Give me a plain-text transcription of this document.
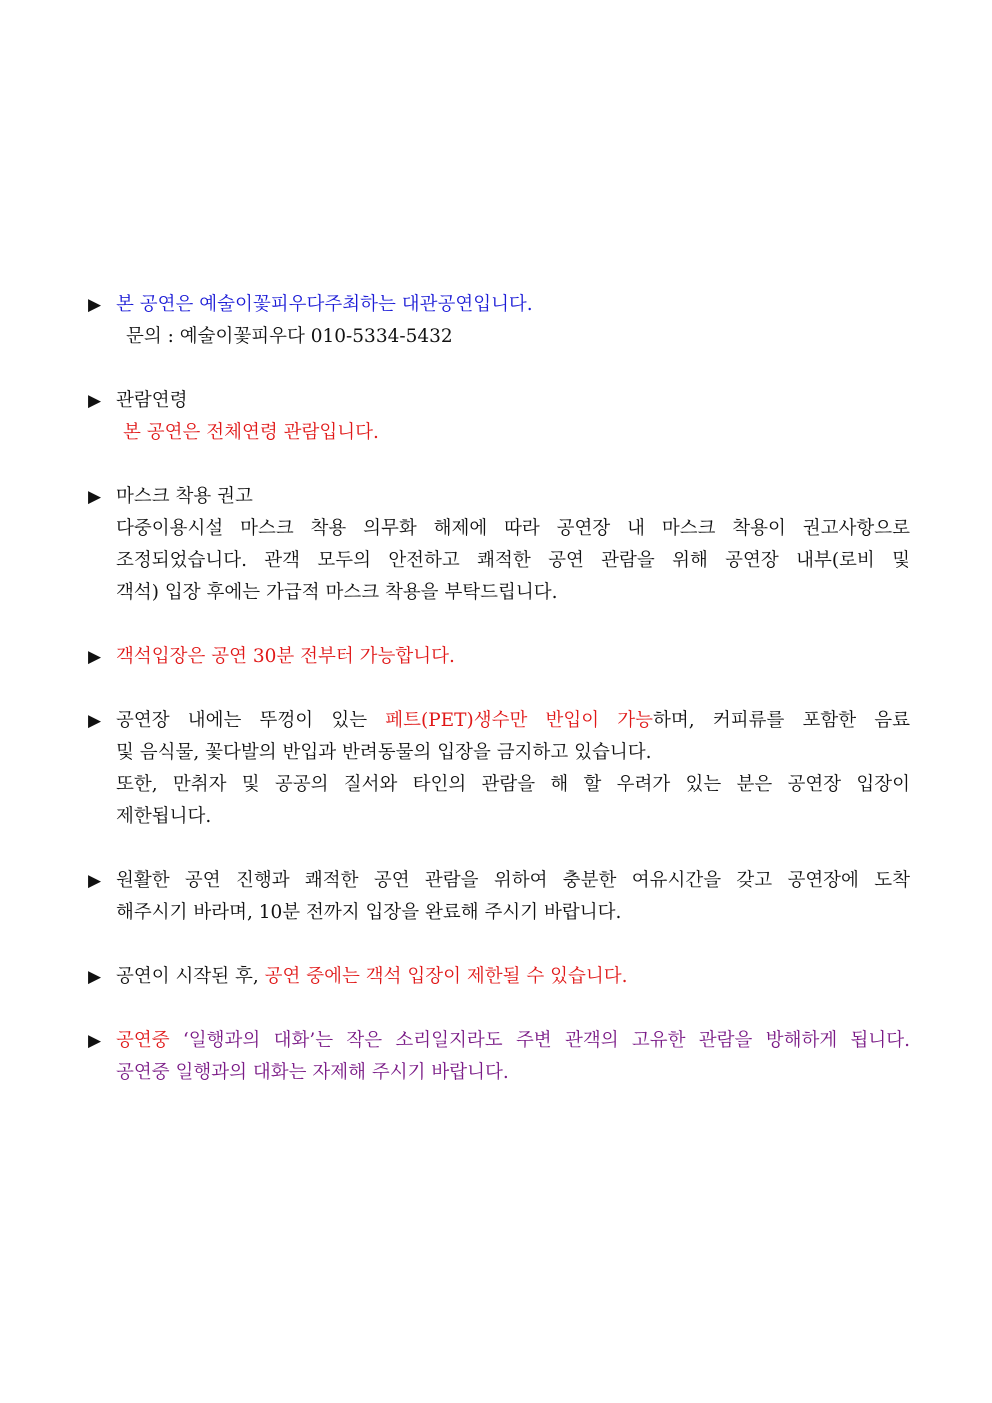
▶ 본 공연은 예술이꽃피우다주최하는 대관공연입니다.
문의 : 예술이꽃피우다 010-5334-5432
▶ 관람연령
본 공연은 전체연령 관람입니다.
▶ 마스크 착용 권고
다중이용시설 마스크 착용 의무화 해제에 따라 공연장 내 마스크 착용이 권고사항으로
조정되었습니다. 관객 모두의 안전하고 쾌적한 공연 관람을 위해 공연장 내부(로비 및
객석) 입장 후에는 가급적 마스크 착용을 부탁드립니다.
▶ 객석입장은 공연 30분 전부터 가능합니다.
▶ 공연장 내에는 뚜껑이 있는 페트(PET)생수만 반입이 가능하며, 커피류를 포함한 음료
및 음식물, 꽃다발의 반입과 반려동물의 입장을 금지하고 있습니다.
또한, 만취자 및 공공의 질서와 타인의 관람을 해 할 우려가 있는 분은 공연장 입장이
제한됩니다.
▶ 원활한 공연 진행과 쾌적한 공연 관람을 위하여 충분한 여유시간을 갖고 공연장에 도착
해주시기 바라며, 10분 전까지 입장을 완료해 주시기 바랍니다.
▶ 공연이 시작된 후, 공연 중에는 객석 입장이 제한될 수 있습니다.
▶ 공연중 ‘일행과의 대화’는 작은 소리일지라도 주변 관객의 고유한 관람을 방해하게 됩니다.
공연중 일행과의 대화는 자제해 주시기 바랍니다.
